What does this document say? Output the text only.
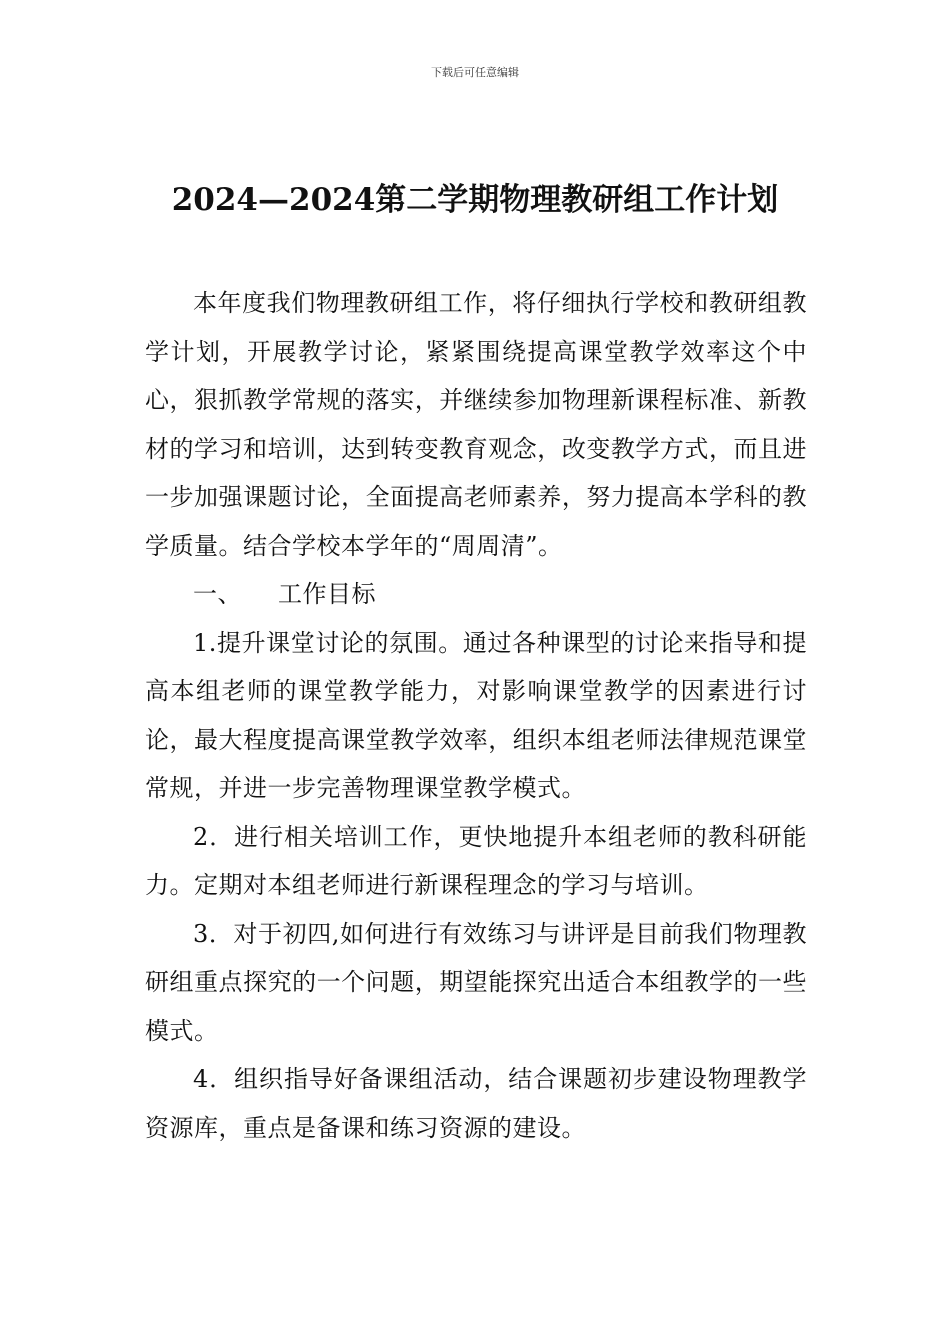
下载后可任意编辑
2024—2024第二学期物理教研组工作计划

本年度我们物理教研组工作，将仔细执行学校和教研组教学计划，开展教学讨论，紧紧围绕提高课堂教学效率这个中心，狠抓教学常规的落实，并继续参加物理新课程标准、新教材的学习和培训，达到转变教育观念，改变教学方式，而且进一步加强课题讨论，全面提高老师素养，努力提高本学科的教学质量。结合学校本学年的“周周清”。

一、 工作目标

1.提升课堂讨论的氛围。通过各种课型的讨论来指导和提高本组老师的课堂教学能力，对影响课堂教学的因素进行讨论，最大程度提高课堂教学效率，组织本组老师法律规范课堂常规，并进一步完善物理课堂教学模式。

2．进行相关培训工作，更快地提升本组老师的教科研能力。定期对本组老师进行新课程理念的学习与培训。

3．对于初四,如何进行有效练习与讲评是目前我们物理教研组重点探究的一个问题，期望能探究出适合本组教学的一些模式。

4．组织指导好备课组活动，结合课题初步建设物理教学资源库，重点是备课和练习资源的建设。
